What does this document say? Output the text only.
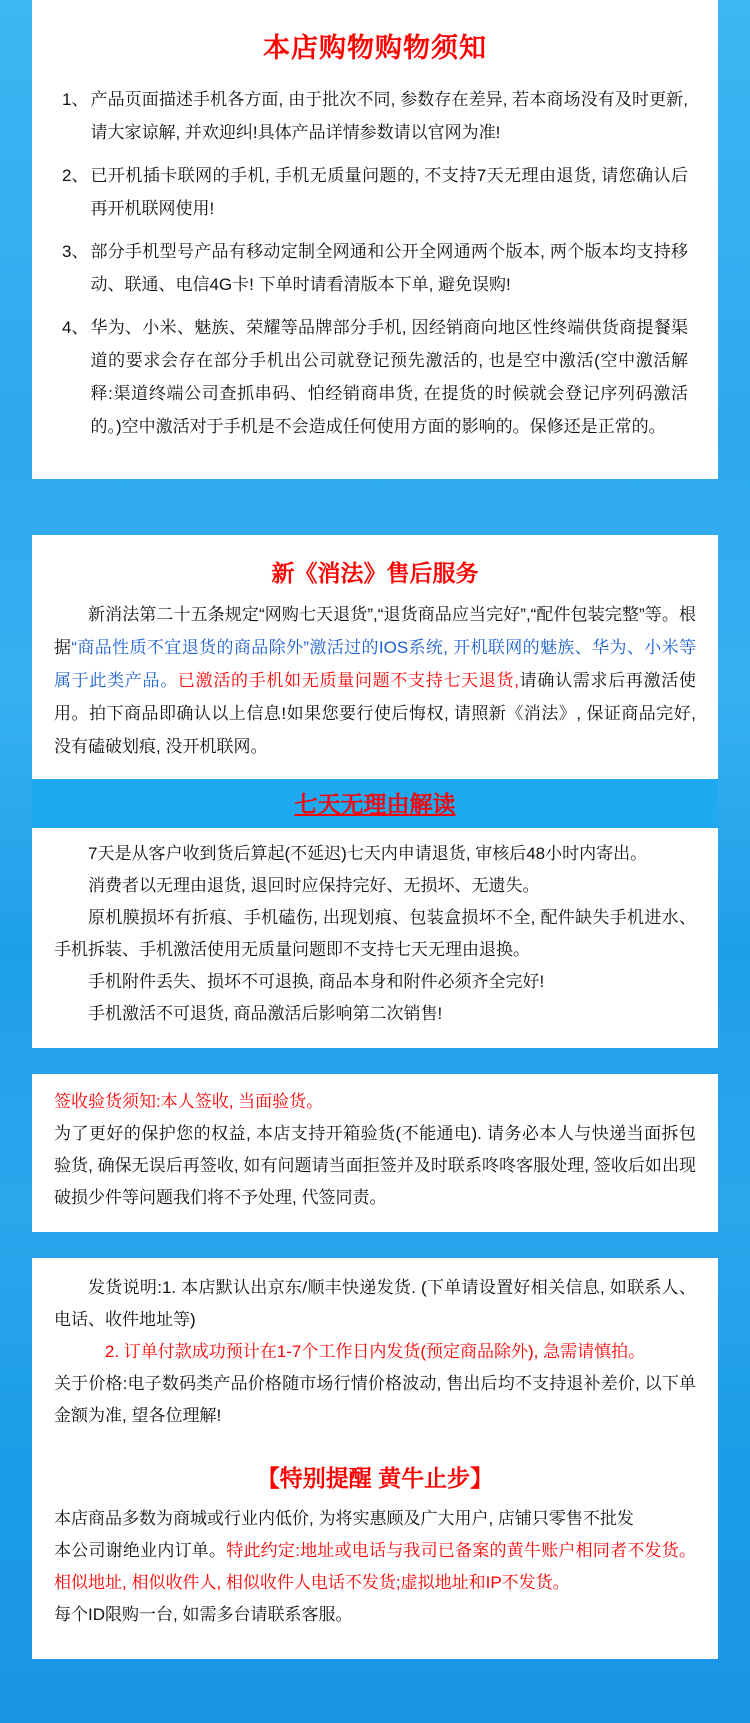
本店购物购物须知
1、 产品页面描述手机各方面, 由于批次不同, 参数存在差异, 若本商场没有及时更新, 请大家谅解, 并欢迎纠!具体产品详情参数请以官网为准!
2、 已开机插卡联网的手机, 手机无质量问题的, 不支持7天无理由退货, 请您确认后再开机联网使用!
3、 部分手机型号产品有移动定制全网通和公开全网通两个版本, 两个版本均支持移动、联通、电信4G卡! 下单时请看清版本下单, 避免误购!
4、 华为、小米、魅族、荣耀等品牌部分手机, 因经销商向地区性终端供货商提餐渠道的要求会存在部分手机出公司就登记预先激活的, 也是空中激活(空中激活解释:渠道终端公司查抓串码、怕经销商串货, 在提货的时候就会登记序列码激活的。)空中激活对于手机是不会造成任何使用方面的影响的。保修还是正常的。
新《消法》售后服务
新消法第二十五条规定“网购七天退货”,“退货商品应当完好”,“配件包装完整”等。根据“商品性质不宜退货的商品除外”激活过的IOS系统, 开机联网的魅族、华为、小米等属于此类产品。已激活的手机如无质量问题不支持七天退货,请确认需求后再激活使用。拍下商品即确认以上信息!如果您要行使后悔权, 请照新《消法》, 保证商品完好, 没有磕破划痕, 没开机联网。
七天无理由解读
7天是从客户收到货后算起(不延迟)七天内申请退货, 审核后48小时内寄出。
消费者以无理由退货, 退回时应保持完好、无损坏、无遗失。
原机膜损坏有折痕、手机磕伤, 出现划痕、包装盒损坏不全, 配件缺失手机进水、手机拆装、手机激活使用无质量问题即不支持七天无理由退换。
手机附件丢失、损坏不可退换, 商品本身和附件必须齐全完好!
手机激活不可退货, 商品激活后影响第二次销售!
签收验货须知:本人签收, 当面验货。
为了更好的保护您的权益, 本店支持开箱验货(不能通电). 请务必本人与快递当面拆包验货, 确保无误后再签收, 如有问题请当面拒签并及时联系咚咚客服处理, 签收后如出现破损少件等问题我们将不予处理, 代签同责。
发货说明:1. 本店默认出京东/顺丰快递发货. (下单请设置好相关信息, 如联系人、电话、收件地址等)
2. 订单付款成功预计在1-7个工作日内发货(预定商品除外), 急需请慎拍。
关于价格:电子数码类产品价格随市场行情价格波动, 售出后均不支持退补差价, 以下单金额为准, 望各位理解!
【特别提醒 黄牛止步】
本店商品多数为商城或行业内低价, 为将实惠顾及广大用户, 店铺只零售不批发
本公司谢绝业内订单。特此约定:地址或电话与我司已备案的黄牛账户相同者不发货。相似地址, 相似收件人, 相似收件人电话不发货;虚拟地址和IP不发货。
每个ID限购一台, 如需多台请联系客服。
